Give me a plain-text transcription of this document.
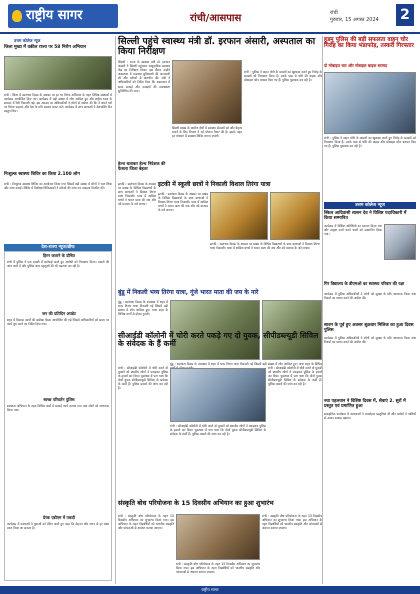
राष्ट्रीय सागर	रांची/आसपास	रांची
गुरुवार, 15 अगस्त 2024	2
उत्तम कोलेज न्यूज
जिला मुख्य में वकील राज्य पर 58 निरोग अभियान
रांची : जिला में स्वतंत्रता दिवस के अवसर पर हर घर तिरंगा अभियान के तहत विभिन्न संस्थानों में कार्यक्रम आयोजित किए गए। कार्यक्रम में बड़ी संख्या में लोग शामिल हुए और राष्ट्रीय ध्वज के सम्मान में रैली निकाली गई। इस अवसर पर अधिकारियों ने लोगों से अपील की कि वे अपने घरों पर तिरंगा फहराएं और देश के प्रति सम्मान प्रकट करें। कार्यक्रम में छात्र छात्राओं ने देशभक्ति गीत प्रस्तुत किए।
निःशुल्क स्वास्थ्य शिविर का किया 2.100 लोग
रांची : निःशुल्क स्वास्थ्य शिविर का आयोजन किया गया जिसमें बड़ी संख्या में लोगों ने भाग लिया और जांच कराई। शिविर में विशेषज्ञ चिकित्सकों ने मरीजों की जांच कर दवाइयां वितरित कीं।
देश-राज्य न्यूज/ब्रीफ
हिरन जलाने के दोषित
रांची में पुलिस ने एक मामले में कार्रवाई करते हुए आरोपी को गिरफ्तार किया। मामले की जांच जारी है और पुलिस अन्य पहलुओं की भी पड़ताल कर रही है।
जन की प्रतिदिन अपडेट
शहर में विकास कार्यों की समीक्षा बैठक आयोजित की गई जिसमें अधिकारियों को समय पर कार्य पूरा करने का निर्देश दिया गया।
स्वच्छ परिवर्तन पुलिस
स्वच्छता अभियान के तहत विभिन्न वार्डों में सफाई कार्य कराया गया तथा लोगों को जागरूक किया गया।
प्रेरक एडीएम में तकदी
कार्यक्रम में वक्ताओं ने युवाओं को प्रेरित करते हुए कहा कि मेहनत और लगन से हर लक्ष्य प्राप्त किया जा सकता है।
सिल्ली पहुंचे स्वास्थ्य मंत्री डॉ. इरफान अंसारी, अस्पताल का किया निरीक्षण
सिल्ली : राज्य के स्वास्थ्य मंत्री डॉ. इरफान अंसारी ने सिल्ली पहुंचकर सामुदायिक स्वास्थ्य केंद्र का निरीक्षण किया। इस दौरान उन्होंने अस्पताल में उपलब्ध सुविधाओं की जानकारी ली और मरीजों से बातचीत की। मंत्री ने अधिकारियों को निर्देश दिया कि अस्पताल में साफ सफाई और दवाइयों की उपलब्धता सुनिश्चित की जाए।
सिल्ली प्रखंड के ग्रामीण क्षेत्रों में स्वास्थ्य सेवाओं को और बेहतर बनाने के लिए विभाग ने नई योजना तैयार की है। इसके तहत हर पंचायत में स्वास्थ्य शिविर लगाए जाएंगे।
हेल्थ चलाकर हेल्थ निदेशक की फैसला जिला बेहतर
हुडमू पुलिस की बड़ी सफलता वाहन चोर गिरोह का किया भंडाफोड़, तस्करी गिरफ्तार
दो मोबाइल चार और मोबाइल बाइक बरामद
रांची : पुलिस ने वाहन चोरी के मामलों का खुलासा करते हुए गिरोह के सदस्यों को गिरफ्तार किया है। उनके पास से चोरी की बाइक और मोबाइल फोन बरामद किए गए हैं। पुलिस पूछताछ कर रही है।
रांची : पुलिस ने वाहन चोरी के मामलों का खुलासा करते हुए गिरोह के सदस्यों को गिरफ्तार किया है। उनके पास से चोरी की बाइक और मोबाइल फोन बरामद किए गए हैं। पुलिस पूछताछ कर रही है।
इटकी में स्कूली छात्रों ने निकाली विशाल तिरंगा यात्रा
इटकी : स्वतंत्रता दिवस के अवसर पर प्रखंड के विभिन्न विद्यालयों के छात्र छात्राओं ने विशाल तिरंगा यात्रा निकाली। यात्रा में शामिल बच्चों ने भारत माता की जय और वंदे मातरम के नारे लगाए।
इटकी : स्वतंत्रता दिवस के अवसर पर प्रखंड के विभिन्न विद्यालयों के छात्र छात्राओं ने विशाल तिरंगा यात्रा निकाली। यात्रा में शामिल बच्चों ने भारत माता की जय और वंदे मातरम के नारे लगाए।
इटकी : स्वतंत्रता दिवस के अवसर पर प्रखंड के विभिन्न विद्यालयों के छात्र छात्राओं ने विशाल तिरंगा यात्रा निकाली। यात्रा में शामिल बच्चों ने भारत माता की जय और वंदे मातरम के नारे लगाए।
उत्तम कोलेज न्यूज
स्किल आदिवासी शासन देव ने विशिष्ट पदाधिकारी में किया सम्मानित
कार्यक्रम में विशिष्ट अतिथियों का स्वागत किया गया और उत्कृष्ट कार्य करने वालों को सम्मानित किया गया।
गिर विद्यालय के डीएमओ का स्वास्थ्य परिवार की रक्षा
बुंडू में निकली भव्य तिरंगा यात्रा, गूंजे भारत माता की जय के नारे
बुंडू : स्वतंत्रता दिवस के उपलक्ष्य में शहर में भव्य तिरंगा यात्रा निकाली गई जिसमें बड़ी संख्या में लोग शामिल हुए। यात्रा शहर के विभिन्न मार्गों से होकर गुजरी।
बुंडू : स्वतंत्रता दिवस के उपलक्ष्य में शहर में भव्य तिरंगा यात्रा निकाली गई जिसमें बड़ी संख्या में लोग शामिल हुए। यात्रा शहर के विभिन्न
कार्यक्रम में पुलिस अधिकारियों ने लोगों को सुरक्षा के प्रति जागरूक किया तथा नियमों का पालन करने की अपील की।
सीआईडी कॉलोनी में चोरी करते पकड़े गए दो युवक, सीपीडब्ल्यूडी सिविल के संवेदक के हैं कर्मी
रांची : सीआईडी कॉलोनी में चोरी करते दो युवकों को स्थानीय लोगों ने पकड़कर पुलिस के हवाले कर दिया। पूछताछ में पता चला कि दोनों युवक सीपीडब्ल्यूडी सिविल के संवेदक के कर्मी हैं। पुलिस मामले की जांच कर रही है।
रांची : सीआईडी कॉलोनी में चोरी करते दो युवकों को स्थानीय लोगों ने पकड़कर पुलिस के हवाले कर दिया। पूछताछ में पता चला कि दोनों युवक सीपीडब्ल्यूडी सिविल के संवेदक के कर्मी हैं। पुलिस मामले की जांच कर रही है।
रांची : सीआईडी कॉलोनी में चोरी करते दो युवकों को स्थानीय लोगों ने पकड़कर पुलिस के हवाले कर दिया। पूछताछ में पता चला कि दोनों युवक सीपीडब्ल्यूडी सिविल के संवेदक के कर्मी हैं। पुलिस मामले की जांच कर रही है।
सावन के पूर्व हुए अवसर शुक्रवार मिलिक का हुआ दिवस पुलिस
कार्यक्रम में पुलिस अधिकारियों ने लोगों को सुरक्षा के प्रति जागरूक किया तथा नियमों का पालन करने की अपील की।
नवा पहलवान ने विशिष्ट दिवस में, सेवाएं 2. सुरों में प्रस्तुत एवं प्रमाणित हुआ
सांस्कृतिक कार्यक्रम में कलाकारों ने मनमोहक प्रस्तुतियां दीं और दर्शकों ने तालियों से उनका उत्साह बढ़ाया।
संस्कृति बोध परियोजना के 15 दिवसीय अभियान का हुआ शुभारंभ
रांची : संस्कृति बोध परियोजना के तहत 15 दिवसीय अभियान का शुभारंभ किया गया। इस अभियान के तहत विद्यार्थियों को भारतीय संस्कृति और परंपराओं से अवगत कराया जाएगा।
रांची : संस्कृति बोध परियोजना के तहत 15 दिवसीय अभियान का शुभारंभ किया गया। इस अभियान के तहत विद्यार्थियों को भारतीय संस्कृति और परंपराओं से अवगत कराया जाएगा।
रांची : संस्कृति बोध परियोजना के तहत 15 दिवसीय अभियान का शुभारंभ किया गया। इस अभियान के तहत विद्यार्थियों को भारतीय संस्कृति और परंपराओं से अवगत कराया जाएगा।
राष्ट्रीय सागर
